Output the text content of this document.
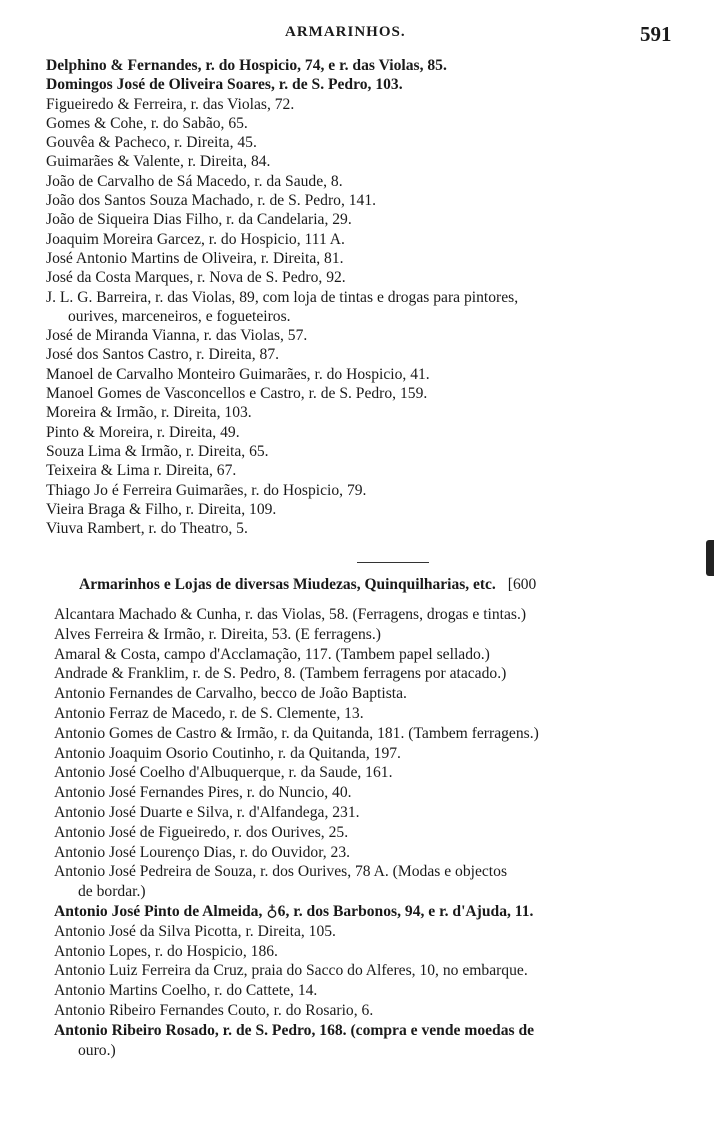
ARMARINHOS.	591
Delphino & Fernandes, r. do Hospicio, 74, e r. das Violas, 85.
Domingos José de Oliveira Soares, r. de S. Pedro, 103.
Figueiredo & Ferreira, r. das Violas, 72.
Gomes & Cohe, r. do Sabão, 65.
Gouvêa & Pacheco, r. Direita, 45.
Guimarães & Valente, r. Direita, 84.
João de Carvalho de Sá Macedo, r. da Saude, 8.
João dos Santos Souza Machado, r. de S. Pedro, 141.
João de Siqueira Dias Filho, r. da Candelaria, 29.
Joaquim Moreira Garcez, r. do Hospicio, 111 A.
José Antonio Martins de Oliveira, r. Direita, 81.
José da Costa Marques, r. Nova de S. Pedro, 92.
J. L. G. Barreira, r. das Violas, 89, com loja de tintas e drogas para pintores,
ourives, marceneiros, e fogueteiros.
José de Miranda Vianna, r. das Violas, 57.
José dos Santos Castro, r. Direita, 87.
Manoel de Carvalho Monteiro Guimarães, r. do Hospicio, 41.
Manoel Gomes de Vasconcellos e Castro, r. de S. Pedro, 159.
Moreira & Irmão, r. Direita, 103.
Pinto & Moreira, r. Direita, 49.
Souza Lima & Irmão, r. Direita, 65.
Teixeira & Lima r. Direita, 67.
Thiago Jo é Ferreira Guimarães, r. do Hospicio, 79.
Vieira Braga & Filho, r. Direita, 109.
Viuva Rambert, r. do Theatro, 5.
Armarinhos e Lojas de diversas Miudezas, Quinquilharias, etc. [600
Alcantara Machado & Cunha, r. das Violas, 58. (Ferragens, drogas e tintas.)
Alves Ferreira & Irmão, r. Direita, 53. (E ferragens.)
Amaral & Costa, campo d'Acclamação, 117. (Tambem papel sellado.)
Andrade & Franklim, r. de S. Pedro, 8. (Tambem ferragens por atacado.)
Antonio Fernandes de Carvalho, becco de João Baptista.
Antonio Ferraz de Macedo, r. de S. Clemente, 13.
Antonio Gomes de Castro & Irmão, r. da Quitanda, 181. (Tambem ferragens.)
Antonio Joaquim Osorio Coutinho, r. da Quitanda, 197.
Antonio José Coelho d'Albuquerque, r. da Saude, 161.
Antonio José Fernandes Pires, r. do Nuncio, 40.
Antonio José Duarte e Silva, r. d'Alfandega, 231.
Antonio José de Figueiredo, r. dos Ourives, 25.
Antonio José Lourenço Dias, r. do Ouvidor, 23.
Antonio José Pedreira de Souza, r. dos Ourives, 78 A. (Modas e objectos
de bordar.)
Antonio José Pinto de Almeida, ♁6, r. dos Barbonos, 94, e r. d'Ajuda, 11.
Antonio José da Silva Picotta, r. Direita, 105.
Antonio Lopes, r. do Hospicio, 186.
Antonio Luiz Ferreira da Cruz, praia do Sacco do Alferes, 10, no embarque.
Antonio Martins Coelho, r. do Cattete, 14.
Antonio Ribeiro Fernandes Couto, r. do Rosario, 6.
Antonio Ribeiro Rosado, r. de S. Pedro, 168. (compra e vende moedas de
ouro.)
